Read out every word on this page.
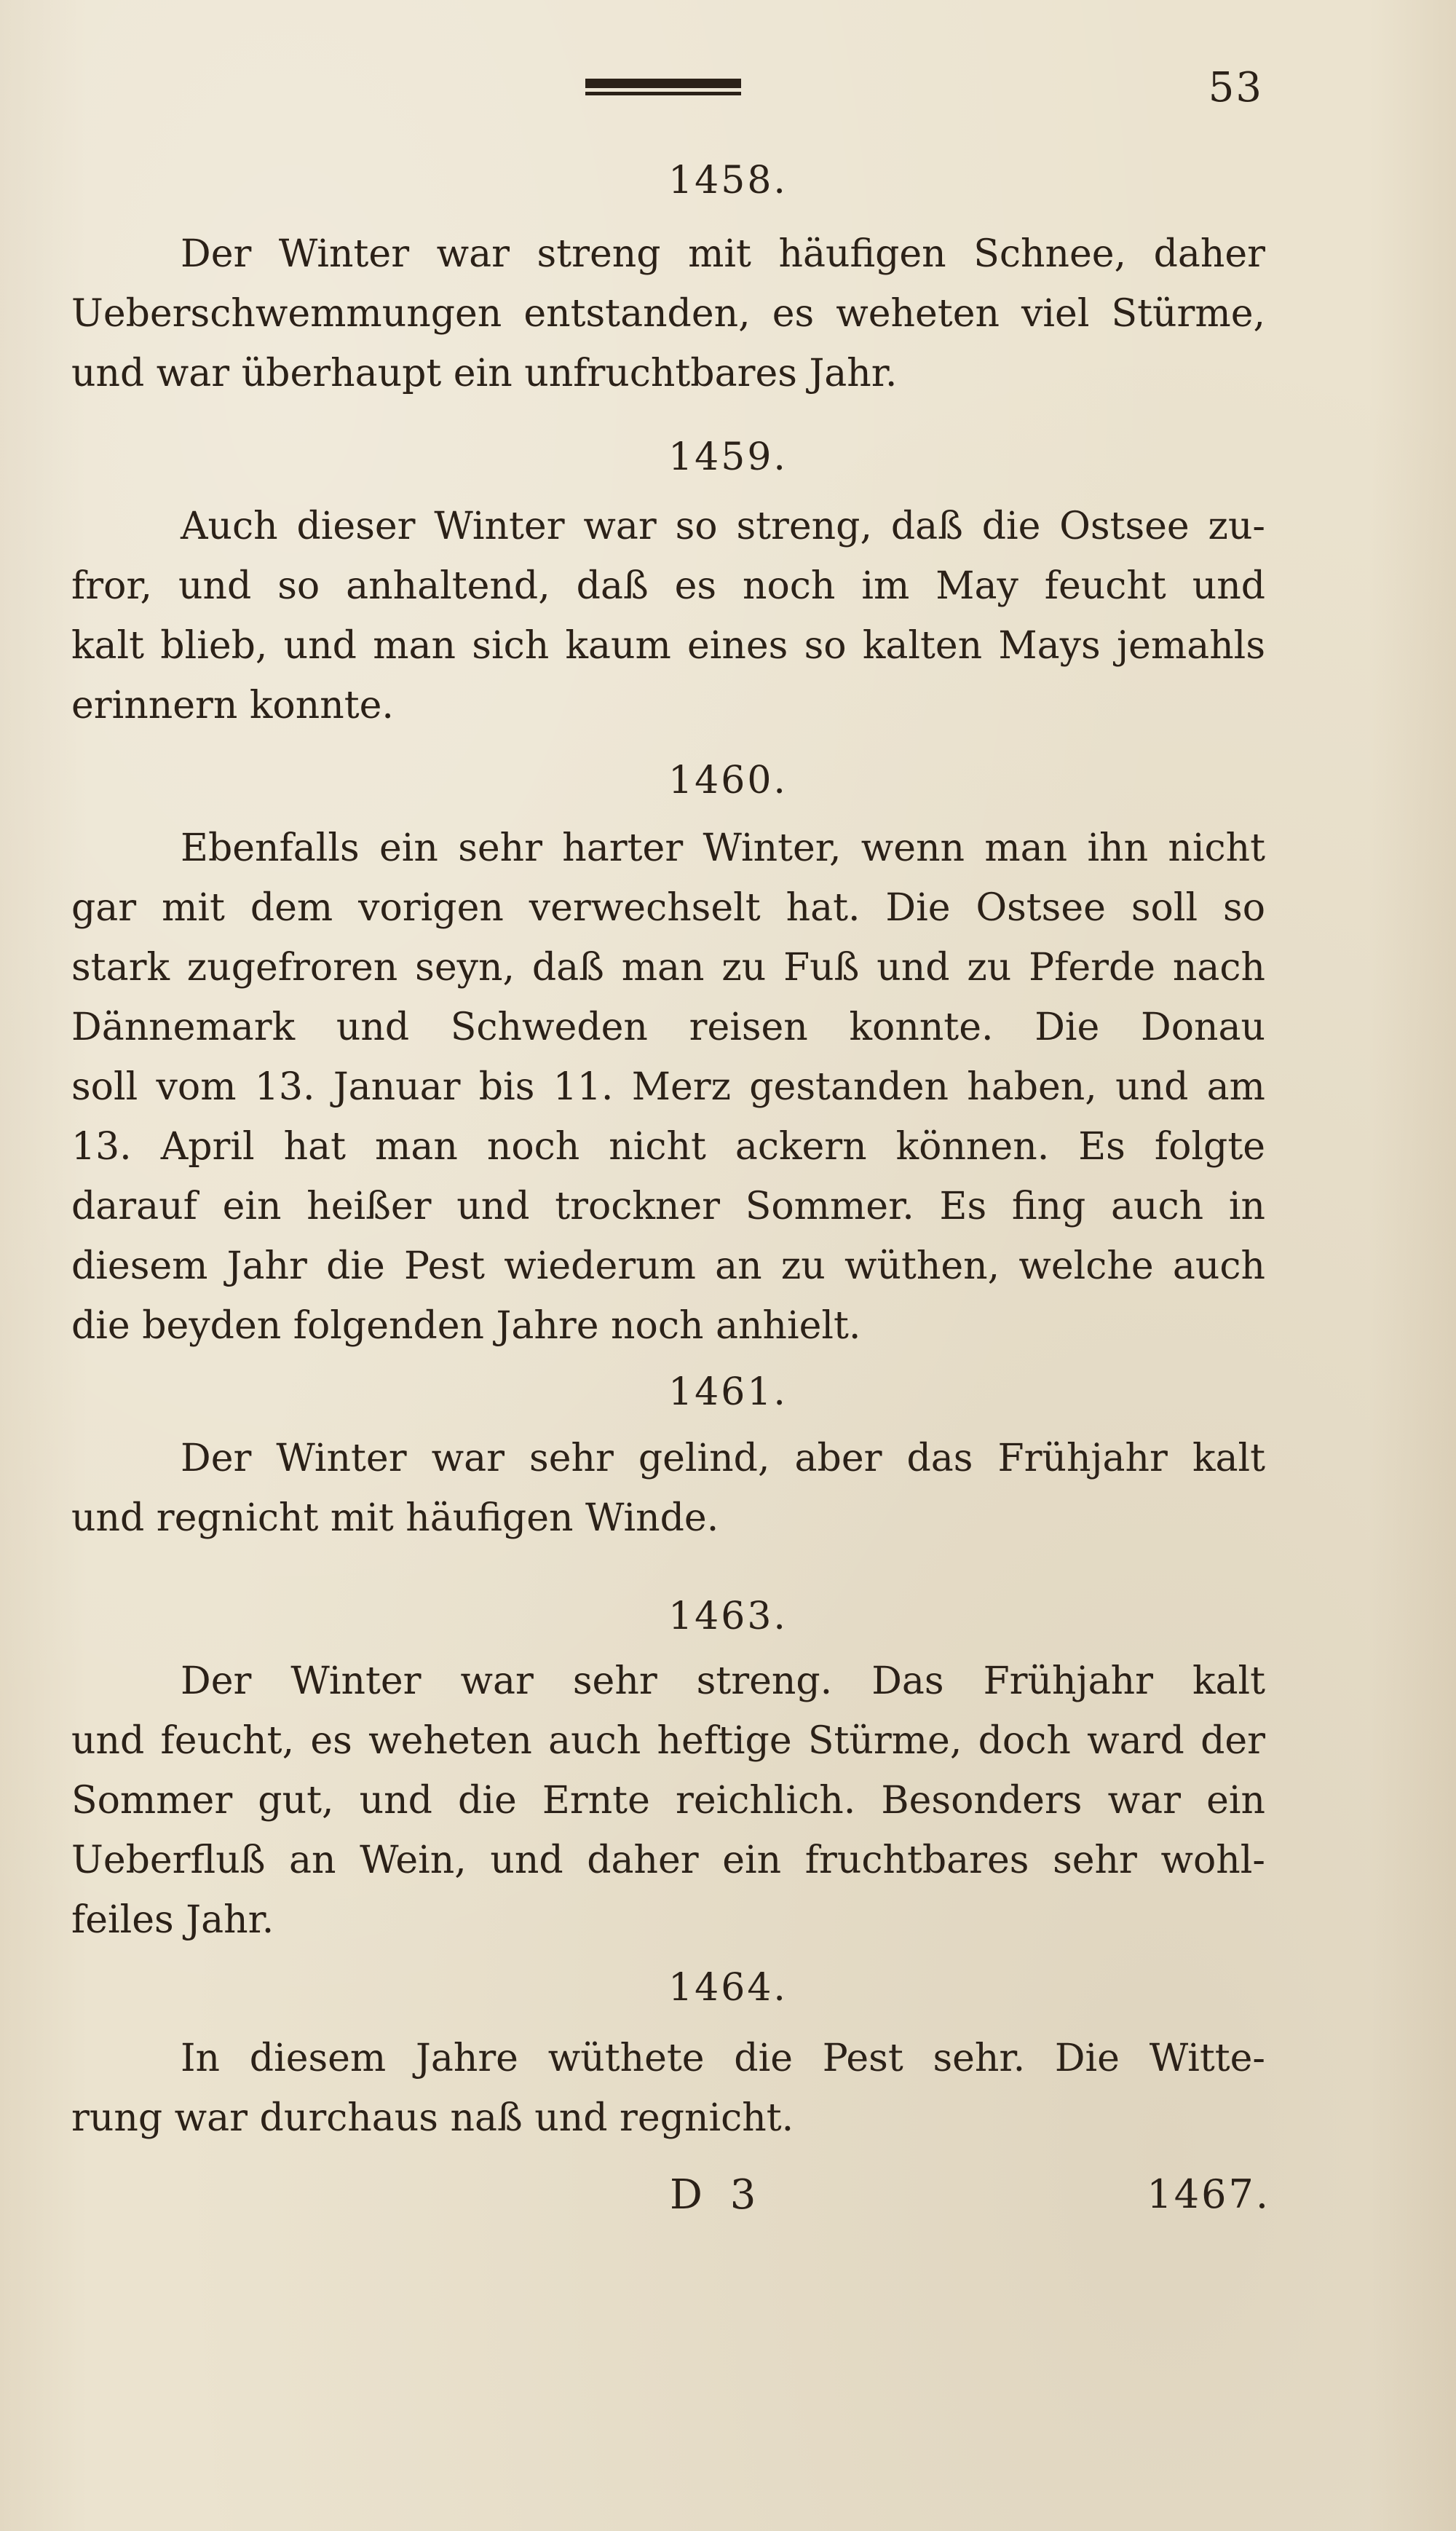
53
1458.
Der Winter war streng mit häufigen Schnee, daher
Ueberschwemmungen entstanden, es weheten viel Stürme,
und war überhaupt ein unfruchtbares Jahr.
1459.
Auch dieser Winter war so streng, daß die Ostsee zu-
fror, und so anhaltend, daß es noch im May feucht und
kalt blieb, und man sich kaum eines so kalten Mays jemahls
erinnern konnte.
1460.
Ebenfalls ein sehr harter Winter, wenn man ihn nicht
gar mit dem vorigen verwechselt hat. Die Ostsee soll so
stark zugefroren seyn, daß man zu Fuß und zu Pferde nach
Dännemark und Schweden reisen konnte. Die Donau
soll vom 13. Januar bis 11. Merz gestanden haben, und am
13. April hat man noch nicht ackern können. Es folgte
darauf ein heißer und trockner Sommer. Es fing auch in
diesem Jahr die Pest wiederum an zu wüthen, welche auch
die beyden folgenden Jahre noch anhielt.
1461.
Der Winter war sehr gelind, aber das Frühjahr kalt
und regnicht mit häufigen Winde.
1463.
Der Winter war sehr streng. Das Frühjahr kalt
und feucht, es weheten auch heftige Stürme, doch ward der
Sommer gut, und die Ernte reichlich. Besonders war ein
Ueberfluß an Wein, und daher ein fruchtbares sehr wohl-
feiles Jahr.
1464.
In diesem Jahre wüthete die Pest sehr. Die Witte-
rung war durchaus naß und regnicht.
D 3	1467.
